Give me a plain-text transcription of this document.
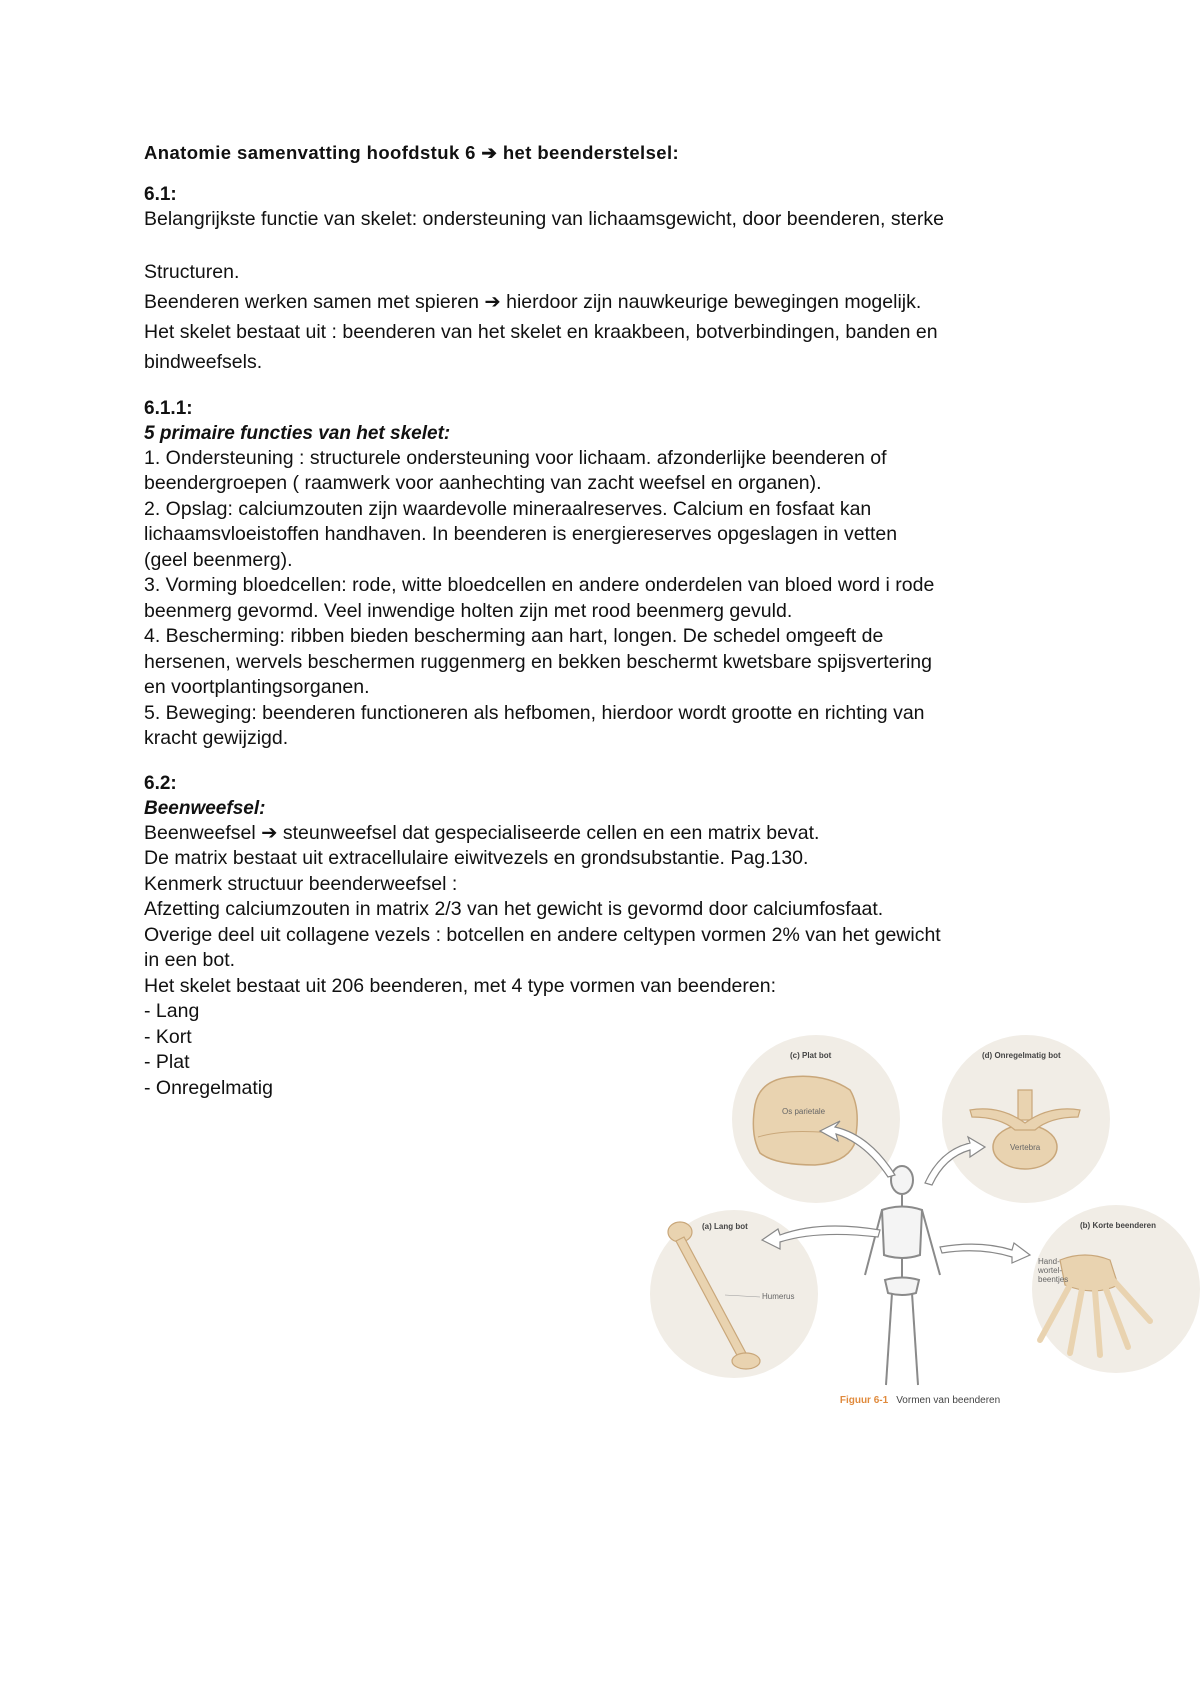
Anatomie samenvatting hoofdstuk 6 ➔ het beenderstelsel:

6.1:

Belangrijkste functie van skelet: ondersteuning van lichaamsgewicht, door beenderen, sterke

Structuren.

Beenderen werken samen met spieren ➔ hierdoor zijn nauwkeurige bewegingen mogelijk.

Het skelet bestaat uit : beenderen van het skelet en kraakbeen, botverbindingen, banden en

bindweefsels.

6.1.1:

5 primaire functies van het skelet:

1. Ondersteuning : structurele ondersteuning voor lichaam. afzonderlijke beenderen of

beendergroepen ( raamwerk voor aanhechting van zacht weefsel en organen).

2. Opslag: calciumzouten zijn waardevolle mineraalreserves. Calcium en fosfaat kan

lichaamsvloeistoffen handhaven. In beenderen is energiereserves opgeslagen in vetten

(geel beenmerg).

3. Vorming bloedcellen: rode, witte bloedcellen en andere onderdelen van bloed word i rode

beenmerg gevormd. Veel inwendige holten zijn met rood beenmerg gevuld.

4. Bescherming: ribben bieden bescherming aan hart, longen. De schedel omgeeft de

hersenen, wervels beschermen ruggenmerg en bekken beschermt kwetsbare spijsvertering

en voortplantingsorganen.

5. Beweging: beenderen functioneren als hefbomen, hierdoor wordt grootte en richting van

kracht gewijzigd.

6.2:

Beenweefsel:

Beenweefsel ➔ steunweefsel dat gespecialiseerde cellen en een matrix bevat.

De matrix bestaat uit extracellulaire eiwitvezels en grondsubstantie. Pag.130.

Kenmerk structuur beenderweefsel :

Afzetting calciumzouten in matrix 2/3 van het gewicht is gevormd door calciumfosfaat.

Overige deel uit collagene vezels : botcellen en andere celtypen vormen 2% van het gewicht

in een bot.

Het skelet bestaat uit 206 beenderen, met 4 type vormen van beenderen:

- Lang

- Kort

- Plat

- Onregelmatig

(c) Plat bot	(d) Onregelmatig bot
(a) Lang bot	(b) Korte beenderen
Os parietale
Vertebra
Humerus
Hand-
wortel-
beentjes
Figuur 6-1 Vormen van beenderen
